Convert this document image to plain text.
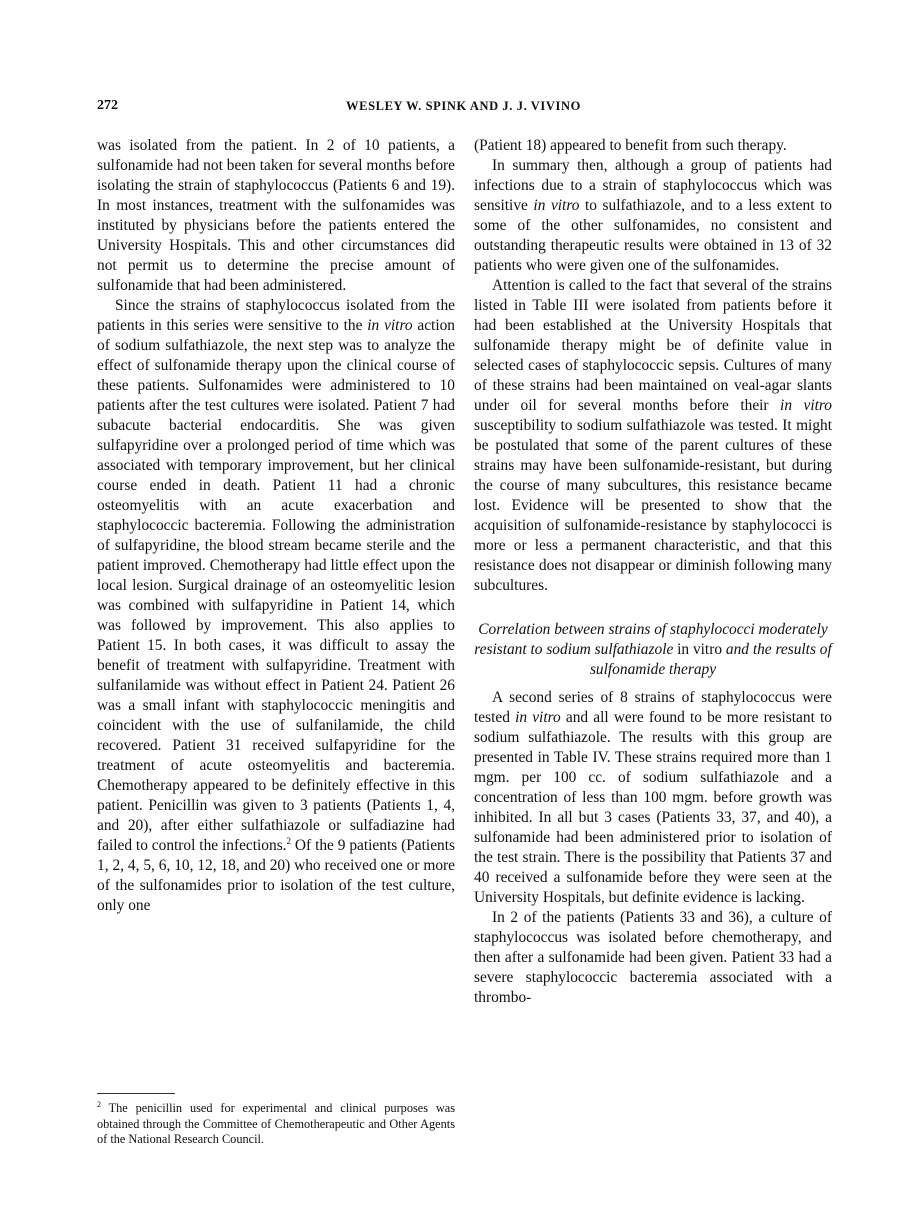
272	WESLEY W. SPINK AND J. J. VIVINO

was isolated from the patient. In 2 of 10 patients, a sulfonamide had not been taken for several months before isolating the strain of staphylococcus (Patients 6 and 19). In most instances, treatment with the sulfonamides was instituted by physicians before the patients entered the University Hospitals. This and other circumstances did not permit us to determine the precise amount of sulfonamide that had been administered.

Since the strains of staphylococcus isolated from the patients in this series were sensitive to the in vitro action of sodium sulfathiazole, the next step was to analyze the effect of sulfonamide therapy upon the clinical course of these patients. Sulfonamides were administered to 10 patients after the test cultures were isolated. Patient 7 had subacute bacterial endocarditis. She was given sulfapyridine over a prolonged period of time which was associated with temporary improvement, but her clinical course ended in death. Patient 11 had a chronic osteomyelitis with an acute exacerbation and staphylococcic bacteremia. Following the administration of sulfapyridine, the blood stream became sterile and the patient improved. Chemotherapy had little effect upon the local lesion. Surgical drainage of an osteomyelitic lesion was combined with sulfapyridine in Patient 14, which was followed by improvement. This also applies to Patient 15. In both cases, it was difficult to assay the benefit of treatment with sulfapyridine. Treatment with sulfanilamide was without effect in Patient 24. Patient 26 was a small infant with staphylococcic meningitis and coincident with the use of sulfanilamide, the child recovered. Patient 31 received sulfapyridine for the treatment of acute osteomyelitis and bacteremia. Chemotherapy appeared to be definitely effective in this patient. Penicillin was given to 3 patients (Patients 1, 4, and 20), after either sulfathiazole or sulfadiazine had failed to control the infections.$^2$ Of the 9 patients (Patients 1, 2, 4, 5, 6, 10, 12, 18, and 20) who received one or more of the sulfonamides prior to isolation of the test culture, only one

$^2$ The penicillin used for experimental and clinical purposes was obtained through the Committee of Chemotherapeutic and Other Agents of the National Research Council.

(Patient 18) appeared to benefit from such therapy.

In summary then, although a group of patients had infections due to a strain of staphylococcus which was sensitive in vitro to sulfathiazole, and to a less extent to some of the other sulfonamides, no consistent and outstanding therapeutic results were obtained in 13 of 32 patients who were given one of the sulfonamides.

Attention is called to the fact that several of the strains listed in Table III were isolated from patients before it had been established at the University Hospitals that sulfonamide therapy might be of definite value in selected cases of staphylococcic sepsis. Cultures of many of these strains had been maintained on veal-agar slants under oil for several months before their in vitro susceptibility to sodium sulfathiazole was tested. It might be postulated that some of the parent cultures of these strains may have been sulfonamide-resistant, but during the course of many subcultures, this resistance became lost. Evidence will be presented to show that the acquisition of sulfonamide-resistance by staphylococci is more or less a permanent characteristic, and that this resistance does not disappear or diminish following many subcultures.

Correlation between strains of staphylococci moderately resistant to sodium sulfathiazole in vitro and the results of sulfonamide therapy

A second series of 8 strains of staphylococcus were tested in vitro and all were found to be more resistant to sodium sulfathiazole. The results with this group are presented in Table IV. These strains required more than 1 mgm. per 100 cc. of sodium sulfathiazole and a concentration of less than 100 mgm. before growth was inhibited. In all but 3 cases (Patients 33, 37, and 40), a sulfonamide had been administered prior to isolation of the test strain. There is the possibility that Patients 37 and 40 received a sulfonamide before they were seen at the University Hospitals, but definite evidence is lacking.

In 2 of the patients (Patients 33 and 36), a culture of staphylococcus was isolated before chemotherapy, and then after a sulfonamide had been given. Patient 33 had a severe staphylococcic bacteremia associated with a thrombo-
